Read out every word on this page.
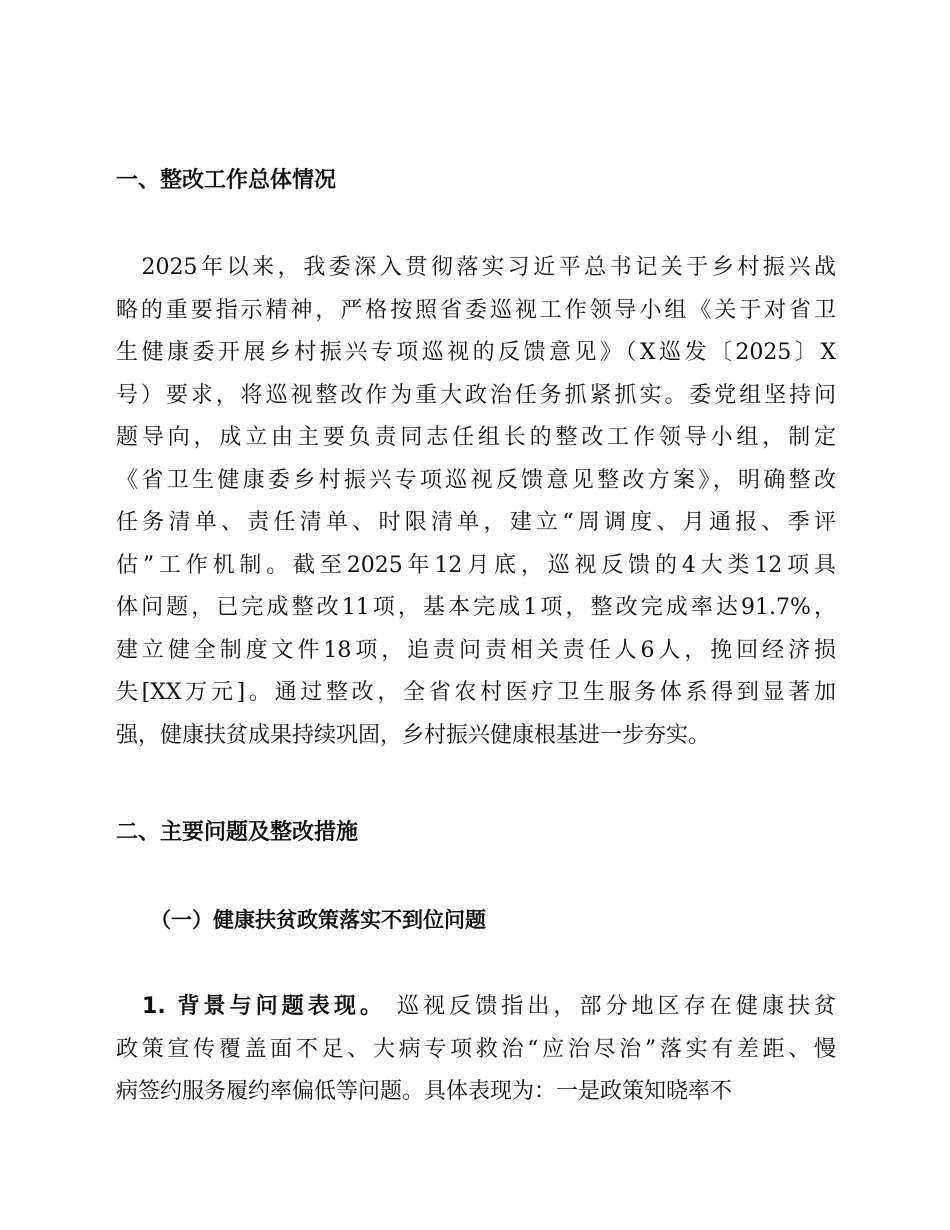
一、整改工作总体情况
　2025年以来，我委深入贯彻落实习近平总书记关于乡村振兴战
略的重要指示精神，严格按照省委巡视工作领导小组《关于对省卫
生健康委开展乡村振兴专项巡视的反馈意见》（X巡发〔2025〕X
号）要求，将巡视整改作为重大政治任务抓紧抓实。委党组坚持问
题导向，成立由主要负责同志任组长的整改工作领导小组，制定
《省卫生健康委乡村振兴专项巡视反馈意见整改方案》，明确整改
任务清单、责任清单、时限清单，建立“周调度、月通报、季评
估”工作机制。截至2025年12月底，巡视反馈的4大类12项具
体问题，已完成整改11项，基本完成1项，整改完成率达91.7%，
建立健全制度文件18项，追责问责相关责任人6人，挽回经济损
失[XX万元]。通过整改，全省农村医疗卫生服务体系得到显著加
强，健康扶贫成果持续巩固，乡村振兴健康根基进一步夯实。
二、主要问题及整改措施
（一）健康扶贫政策落实不到位问题
　1. 背景与问题表现。 巡视反馈指出，部分地区存在健康扶贫
政策宣传覆盖面不足、大病专项救治“应治尽治”落实有差距、慢
病签约服务履约率偏低等问题。具体表现为：一是政策知晓率不
